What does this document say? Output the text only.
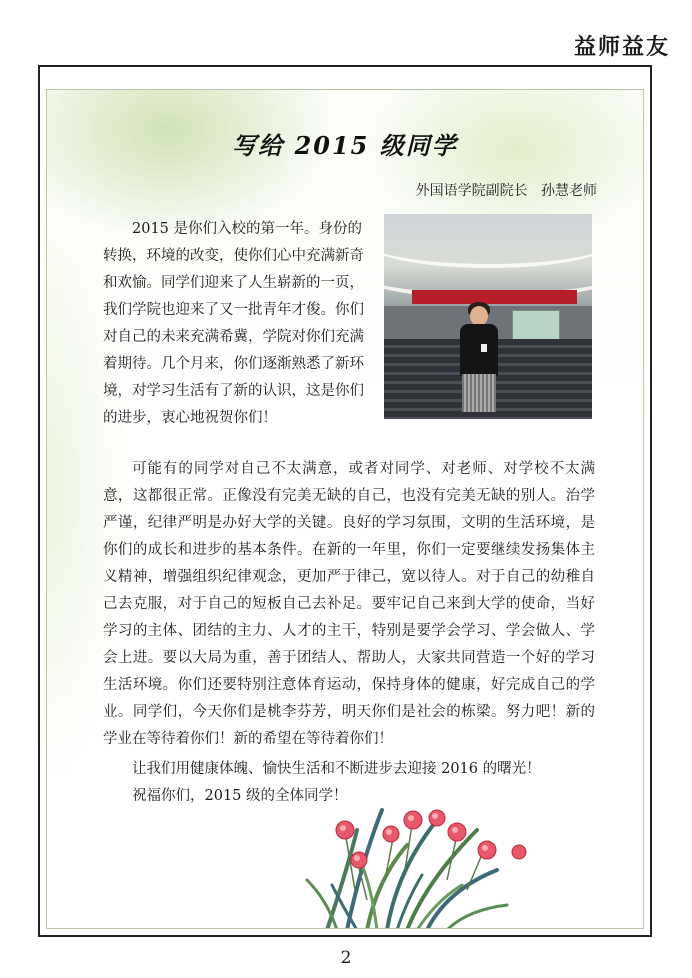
益师益友
写给 2015 级同学
外国语学院副院长   孙慧老师
2015 是你们入校的第一年。身份的转换，环境的改变，使你们心中充满新奇和欢愉。同学们迎来了人生崭新的一页，我们学院也迎来了又一批青年才俊。你们对自己的未来充满希冀，学院对你们充满着期待。几个月来，你们逐渐熟悉了新环境，对学习生活有了新的认识，这是你们的进步，衷心地祝贺你们！
可能有的同学对自己不太满意，或者对同学、对老师、对学校不太满意，这都很正常。正像没有完美无缺的自己，也没有完美无缺的别人。治学严谨，纪律严明是办好大学的关键。良好的学习氛围，文明的生活环境，是你们的成长和进步的基本条件。在新的一年里，你们一定要继续发扬集体主义精神，增强组织纪律观念，更加严于律己，宽以待人。对于自己的幼稚自己去克服，对于自己的短板自己去补足。要牢记自己来到大学的使命，当好学习的主体、团结的主力、人才的主干，特别是要学会学习、学会做人、学会上进。要以大局为重，善于团结人、帮助人，大家共同营造一个好的学习生活环境。你们还要特别注意体育运动，保持身体的健康，好完成自己的学业。同学们，今天你们是桃李芬芳，明天你们是社会的栋梁。努力吧！新的学业在等待着你们！新的希望在等待着你们！
让我们用健康体魄、愉快生活和不断进步去迎接 2016 的曙光！
祝福你们，2015 级的全体同学！
2
